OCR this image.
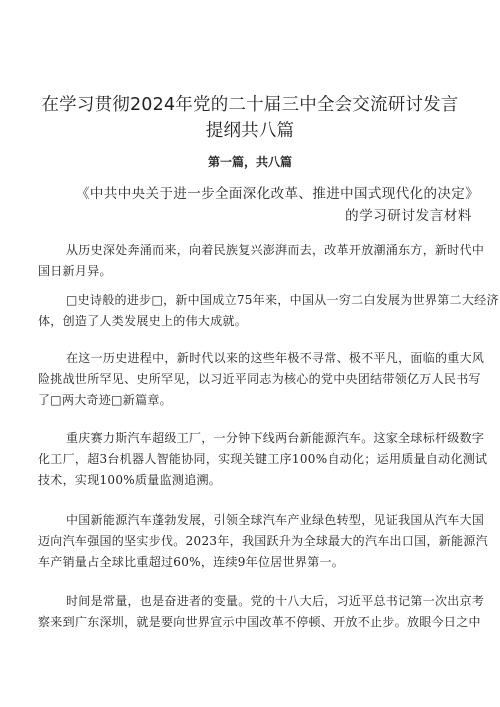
在学习贯彻2024年党的二十届三中全会交流研讨发言
提纲共八篇
第一篇，共八篇
《中共中央关于进一步全面深化改革、推进中国式现代化的决定》
的学习研讨发言材料
从历史深处奔涌而来，向着民族复兴澎湃而去，改革开放潮涌东方，新时代中
国日新月异。
□史诗般的进步□，新中国成立75年来，中国从一穷二白发展为世界第二大经济
体，创造了人类发展史上的伟大成就。
在这一历史进程中，新时代以来的这些年极不寻常、极不平凡，面临的重大风
险挑战世所罕见、史所罕见，以习近平同志为核心的党中央团结带领亿万人民书写
了□两大奇迹□新篇章。
重庆赛力斯汽车超级工厂，一分钟下线两台新能源汽车。这家全球标杆级数字
化工厂，超3台机器人智能协同，实现关键工序100%自动化；运用质量自动化测试
技术，实现100%质量监测追溯。
中国新能源汽车蓬勃发展，引领全球汽车产业绿色转型，见证我国从汽车大国
迈向汽车强国的坚实步伐。2023年，我国跃升为全球最大的汽车出口国，新能源汽
车产销量占全球比重超过60%，连续9年位居世界第一。
时间是常量，也是奋进者的变量。党的十八大后，习近平总书记第一次出京考
察来到广东深圳，就是要向世界宣示中国改革不停顿、开放不止步。放眼今日之中
